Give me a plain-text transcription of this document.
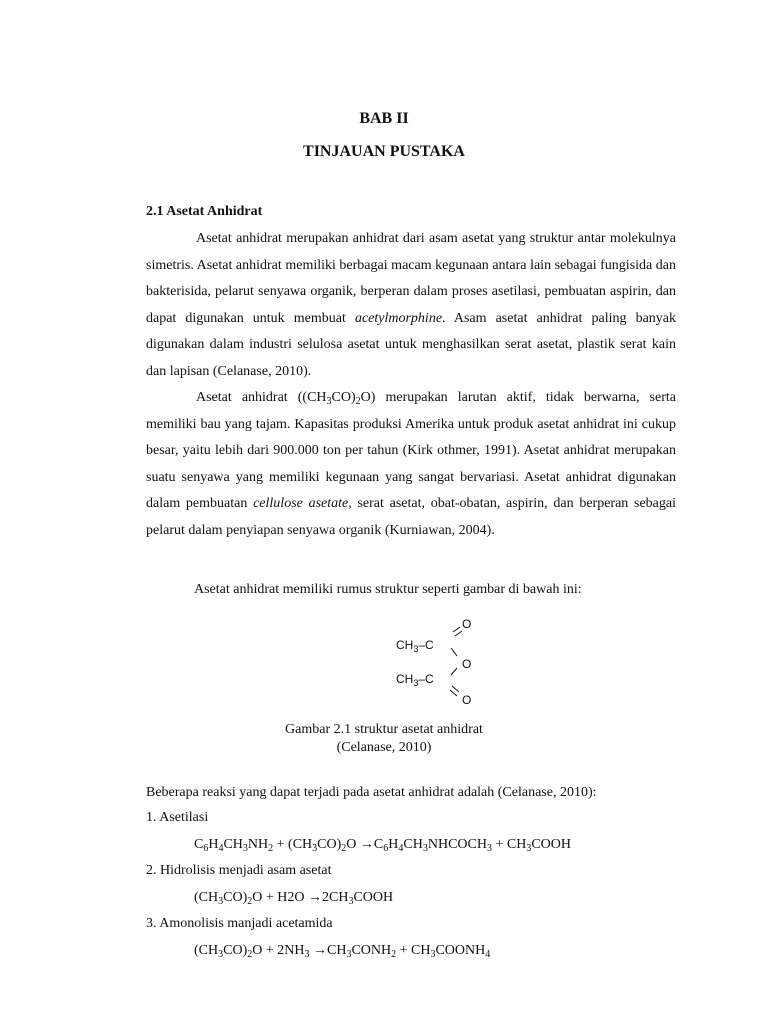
BAB II
TINJAUAN PUSTAKA
2.1 Asetat Anhidrat
Asetat anhidrat merupakan anhidrat dari asam asetat yang struktur antar molekulnya simetris. Asetat anhidrat memiliki berbagai macam kegunaan antara lain sebagai fungisida dan bakterisida, pelarut senyawa organik, berperan dalam proses asetilasi, pembuatan aspirin, dan dapat digunakan untuk membuat acetylmorphine. Asam asetat anhidrat paling banyak digunakan dalam industri selulosa asetat untuk menghasilkan serat asetat, plastik serat kain dan lapisan (Celanase, 2010).
Asetat anhidrat $((CH_3CO)_2O)$ merupakan larutan aktif, tidak berwarna, serta memiliki bau yang tajam. Kapasitas produksi Amerika untuk produk asetat anhidrat ini cukup besar, yaitu lebih dari 900.000 ton per tahun (Kirk othmer, 1991). Asetat anhidrat merupakan suatu senyawa yang memiliki kegunaan yang sangat bervariasi. Asetat anhidrat digunakan dalam pembuatan cellulose asetate, serat asetat, obat-obatan, aspirin, dan berperan sebagai pelarut dalam penyiapan senyawa organik (Kurniawan, 2004).
Asetat anhidrat memiliki rumus struktur seperti gambar di bawah ini:
O
$CH_3-C$
O
$CH_3-C$
O
Gambar 2.1 struktur asetat anhidrat
(Celanase, 2010)
Beberapa reaksi yang dapat terjadi pada asetat anhidrat adalah (Celanase, 2010):
1. Asetilasi
$C_6H_4CH_3NH_2 + (CH_3CO)_2O$ $\to C_6H_4CH_3NHCOCH_3$ + $CH_3COOH$
2. Hidrolisis menjadi asam asetat
$(CH_3CO)_2O + H2O$ $\to 2CH_3COOH$
3. Amonolisis manjadi acetamida
$(CH_3CO)_2O + 2NH_3$ $\to CH_3CONH_2$ + $CH_3COONH_4$
